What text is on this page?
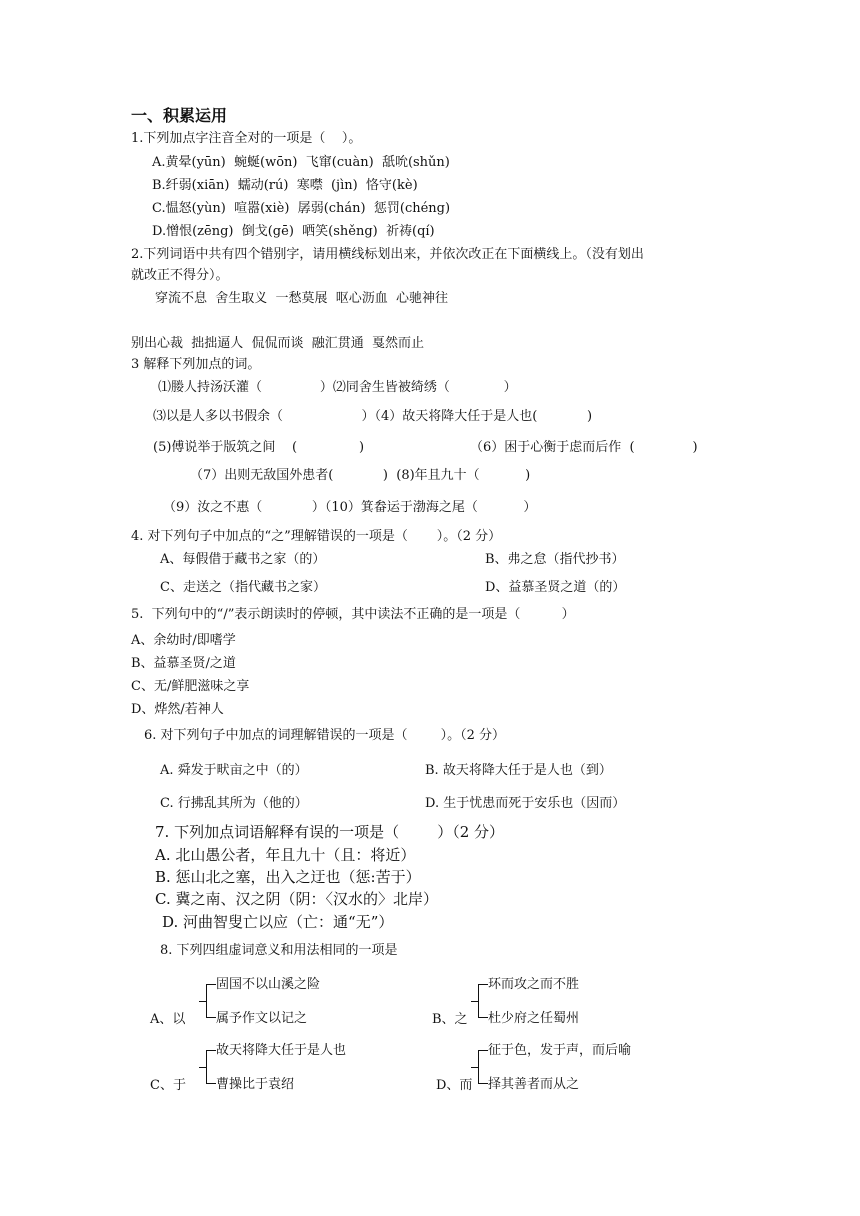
一、积累运用
1.下列加点字注音全对的一项是（    ）。
A.黄晕(yūn)  蜿蜒(wōn)  飞窜(cuàn)  舐吮(shǔn)
B.纤弱(xiān)  蠕动(rú)  寒噤  (jìn)  恪守(kè)
C.愠怒(yùn)  喧嚣(xiè)  孱弱(chán)  惩罚(chéng)
D.憎恨(zēng)  倒戈(gē)  哂笑(shěng)  祈祷(qí)
2.下列词语中共有四个错别字，请用横线标划出来，并依次改正在下面横线上。（没有划出
就改正不得分）。
穿流不息  舍生取义  一愁莫展  呕心沥血  心驰神往
别出心裁  拙拙逼人  侃侃而谈  融汇贯通  戛然而止
3 解释下列加点的词。
⑴媵人持汤沃灌（              ）⑵同舍生皆被绮绣（             ）
⑶以是人多以书假余（                   ）（4）故天将降大任于是人也(            )
(5)傅说举于版筑之间    (               )	（6）困于心衡于虑而后作  (              )
（7）出则无敌国外患者(            )  (8)年且九十（           )
（9）汝之不惠（            ）（10）箕畚运于渤海之尾（           ）
4. 对下列句子中加点的“之”理解错误的一项是（       ）。（2 分）
A、每假借于藏书之家（的）	B、弗之怠（指代抄书）
C、走送之（指代藏书之家）	D、益慕圣贤之道（的）
5.  下列句中的“/”表示朗读时的停顿，其中读法不正确的是一项是（          ）
A、余幼时/即嗜学
B、益慕圣贤/之道
C、无/鲜肥滋味之享
D、烨然/若神人
6. 对下列句子中加点的词理解错误的一项是（        ）。（2 分）
A. 舜发于畎亩之中（的）	B. 故天将降大任于是人也（到）
C. 行拂乱其所为（他的）	D. 生于忧患而死于安乐也（因而）
7. 下列加点词语解释有误的一项是（        ）（2 分）
A. 北山愚公者，年且九十（且：将近）
B. 惩山北之塞，出入之迂也（惩:苦于）
C. 冀之南、汉之阴（阴：〈汉水的〉北岸）
D. 河曲智叟亡以应（亡：通“无”）
8. 下列四组虚词意义和用法相同的一项是
A、以
固国不以山溪之险
属予作文以记之	B、之
环而攻之而不胜
杜少府之任蜀州
C、于
故天将降大任于是人也
曹操比于袁绍	D、而
征于色，发于声，而后喻
择其善者而从之
